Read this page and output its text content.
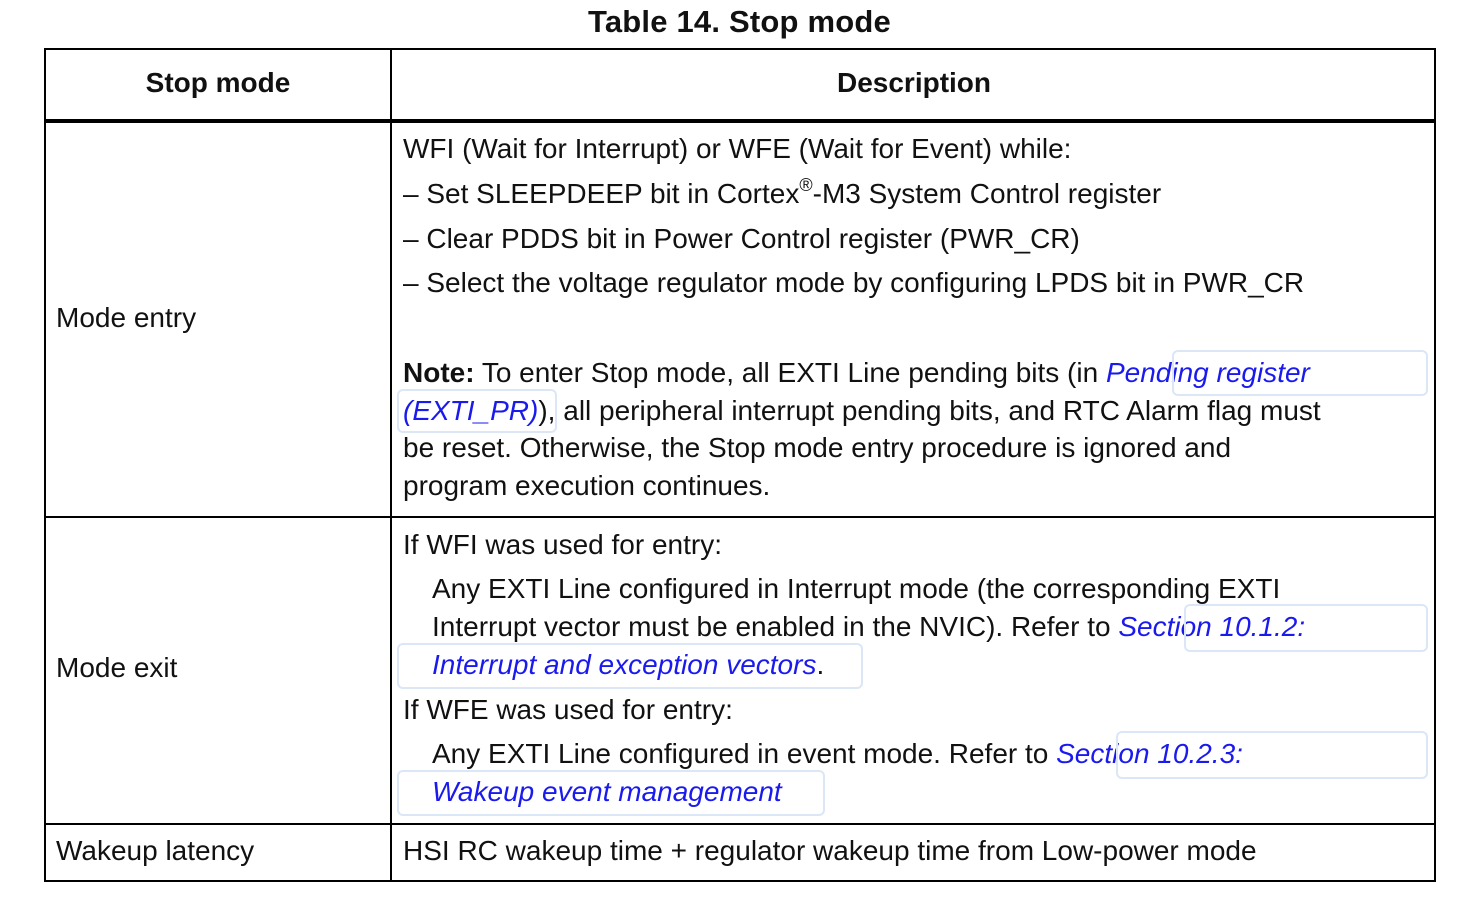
Table 14. Stop mode
Stop mode	Description
Mode entry
WFI (Wait for Interrupt) or WFE (Wait for Event) while:
– Set SLEEPDEEP bit in Cortex®-M3 System Control register
– Clear PDDS bit in Power Control register (PWR_CR)
– Select the voltage regulator mode by configuring LPDS bit in PWR_CR
Note: To enter Stop mode, all EXTI Line pending bits (in Pending register
(EXTI_PR)), all peripheral interrupt pending bits, and RTC Alarm flag must
be reset. Otherwise, the Stop mode entry procedure is ignored and
program execution continues.
Mode exit
If WFI was used for entry:
Any EXTI Line configured in Interrupt mode (the corresponding EXTI
Interrupt vector must be enabled in the NVIC). Refer to Section 10.1.2:
Interrupt and exception vectors.
If WFE was used for entry:
Any EXTI Line configured in event mode. Refer to Section 10.2.3:
Wakeup event management
Wakeup latency	HSI RC wakeup time + regulator wakeup time from Low-power mode
